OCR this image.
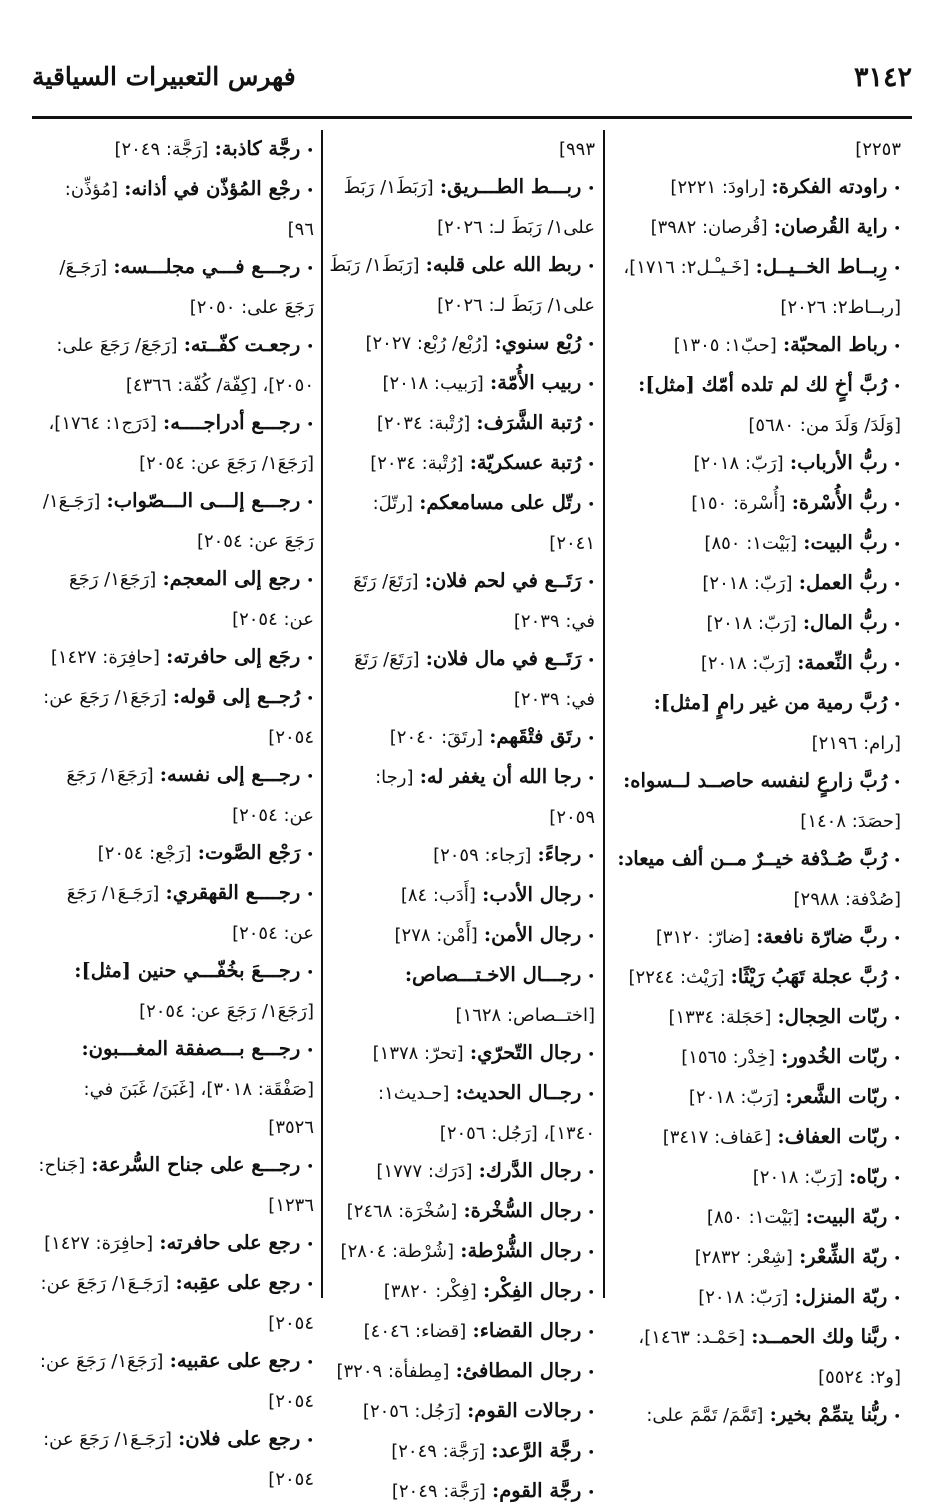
٣١٤٢
فهرس التعبيرات السياقية

٢٢٥٣]

•راودته الفكرة: [راودَ: ٢٢٢١]

•راية القُرصان: [قُرصان: ٣٩٨٢]

•رِبــاط الخــيــل: [خَـيـْـل٢: ١٧١٦]، [ربــاط٢: ٢٠٢٦]

•رباط المحبّة: [حبّ١: ١٣٠٥]

•رُبَّ أخٍ لك لم تلده أمّك [مثل]: [وَلَدَ/ وَلَدَ من: ٥٦٨٠]

•ربُّ الأرباب: [رَبّ: ٢٠١٨]

•ربُّ الأُسْرة: [أُسْرة: ١٥٠]

•ربُّ البيت: [بَيْت١: ٨٥٠]

•ربُّ العمل: [رَبّ: ٢٠١٨]

•ربُّ المال: [رَبّ: ٢٠١٨]

•ربُّ النِّعمة: [رَبّ: ٢٠١٨]

•رُبَّ رمية من غير رامٍ [مثل]: [رام: ٢١٩٦]

•رُبَّ زارعٍ لنفسه حاصــد لــسواه: [حصَدَ: ١٤٠٨]

•رُبَّ صُـدْفة خيــرٌ مــن ألف ميعاد: [صُدْفة: ٢٩٨٨]

•ربَّ ضارّة نافعة: [ضارّ: ٣١٢٠]

•رُبَّ عجلة تَهَبُ رَيْثًا: [رَيْث: ٢٢٤٤]

•ربّات الحِجال: [حَجَلة: ١٣٣٤]

•ربّات الخُدور: [خِدْر: ١٥٦٥]

•ربّات الشَّعر: [رَبّ: ٢٠١٨]

•ربّات العفاف: [عَفاف: ٣٤١٧]

•ربّاه: [رَبّ: ٢٠١٨]

•ربّة البيت: [بَيْت١: ٨٥٠]

•ربّة الشِّعْر: [شِعْر: ٢٨٣٢]

•ربّة المنزل: [رَبّ: ٢٠١٨]

•ربَّنا ولك الحمــد: [حَمْـد: ١٤٦٣]، [و٢: ٥٥٢٤]

•ربُّنا يتمِّمْ بخير: [تَمَّمَ/ تَمَّمَ على:

٩٩٣]

•ربـــط الطـــريق: [رَبَطَ١/ رَبَطَ على١/ رَبَطَ لـ: ٢٠٢٦]

•ربط الله على قلبه: [رَبَطَ١/ رَبَطَ على١/ رَبَطَ لـ: ٢٠٢٦]

•رُبْع سنوي: [رُبْع/ رُبْع: ٢٠٢٧]

•ربيب الأُمّة: [رَبيب: ٢٠١٨]

•رُتبة الشَّرَف: [رُتْبة: ٢٠٣٤]

•رُتبة عسكريّة: [رُتْبة: ٢٠٣٤]

•رتّل على مسامعكم: [رتّلَ: ٢٠٤١]

•رَتَــع في لحم فلان: [رَتَعَ/ رَتَعَ في: ٢٠٣٩]

•رَتَــع في مال فلان: [رَتَعَ/ رَتَعَ في: ٢٠٣٩]

•رتَق فتْقَهم: [رتَقَ: ٢٠٤٠]

•رجا الله أن يغفر له: [رجا: ٢٠٥٩]

•رجاءً: [رَجاء: ٢٠٥٩]

•رجال الأدب: [أَدَب: ٨٤]

•رجال الأمن: [أَمْن: ٢٧٨]

•رجـــال الاخـتـــصاص: [اختــصاص: ١٦٢٨]

•رجال التّحرّي: [تحرّ: ١٣٧٨]

•رجــال الحديث: [حـديث١: ١٣٤٠]، [رَجُل: ٢٠٥٦]

•رجال الدَّرك: [دَرَك: ١٧٧٧]

•رجال السُّخْرة: [سُخْرَة: ٢٤٦٨]

•رجال الشُّرْطة: [شُرْطة: ٢٨٠٤]

•رجال الفِكْر: [فِكْر: ٣٨٢٠]

•رجال القضاء: [قضاء: ٤٠٤٦]

•رجال المطافئ: [مِطفأة: ٣٢٠٩]

•رجالات القوم: [رَجُل: ٢٠٥٦]

•رجَّة الرَّعد: [رَجَّة: ٢٠٤٩]

•رجَّة القوم: [رَجَّة: ٢٠٤٩]

•رجَّة كاذبة: [رَجَّة: ٢٠٤٩]

•رجْع المُؤذّن في أذانه: [مُؤذِّن: ٩٦]

•رجـــع فـــي مجلـــسه: [رَجَـعَ/ رَجَعَ على: ٢٠٥٠]

•رجعـت كفّــته: [رَجَعَ/ رَجَعَ على: ٢٠٥٠]، [كِفّة/ كُفّة: ٤٣٦٦]

•رجـــع أدراجــــه: [دَرَج١: ١٧٦٤]، [رَجَعَ١/ رَجَعَ عن: ٢٠٥٤]

•رجـــع إلـــى الـــصّواب: [رَجَـعَ١/ رَجَعَ عن: ٢٠٥٤]

•رجع إلى المعجم: [رَجَعَ١/ رَجَعَ عن: ٢٠٥٤]

•رجَع إلى حافرته: [حافِرَة: ١٤٢٧]

•رُجــع إلى قوله: [رَجَعَ١/ رَجَعَ عن: ٢٠٥٤]

•رجـــع إلى نفسه: [رَجَعَ١/ رَجَعَ عن: ٢٠٥٤]

•رَجْع الصَّوت: [رَجْع: ٢٠٥٤]

•رجــــع القهقري: [رَجَـعَ١/ رَجَعَ عن: ٢٠٥٤]

•رجـــعَ بخُفّـــي حنين [مثل]: [رَجَعَ١/ رَجَعَ عن: ٢٠٥٤]

•رجـــع بـــصفقة المغـــبون: [صَفْقَة: ٣٠١٨]، [غَبَنَ/ غَبَنَ في: ٣٥٢٦]

•رجـــع على جناح السُّرعة: [جَناح: ١٢٣٦]

•رجع على حافرته: [حافِرَة: ١٤٢٧]

•رجع على عقِبه: [رَجَـعَ١/ رَجَعَ عن: ٢٠٥٤]

•رجع على عقبيه: [رَجَعَ١/ رَجَعَ عن: ٢٠٥٤]

•رجع على فلان: [رَجَـعَ١/ رَجَعَ عن: ٢٠٥٤]
